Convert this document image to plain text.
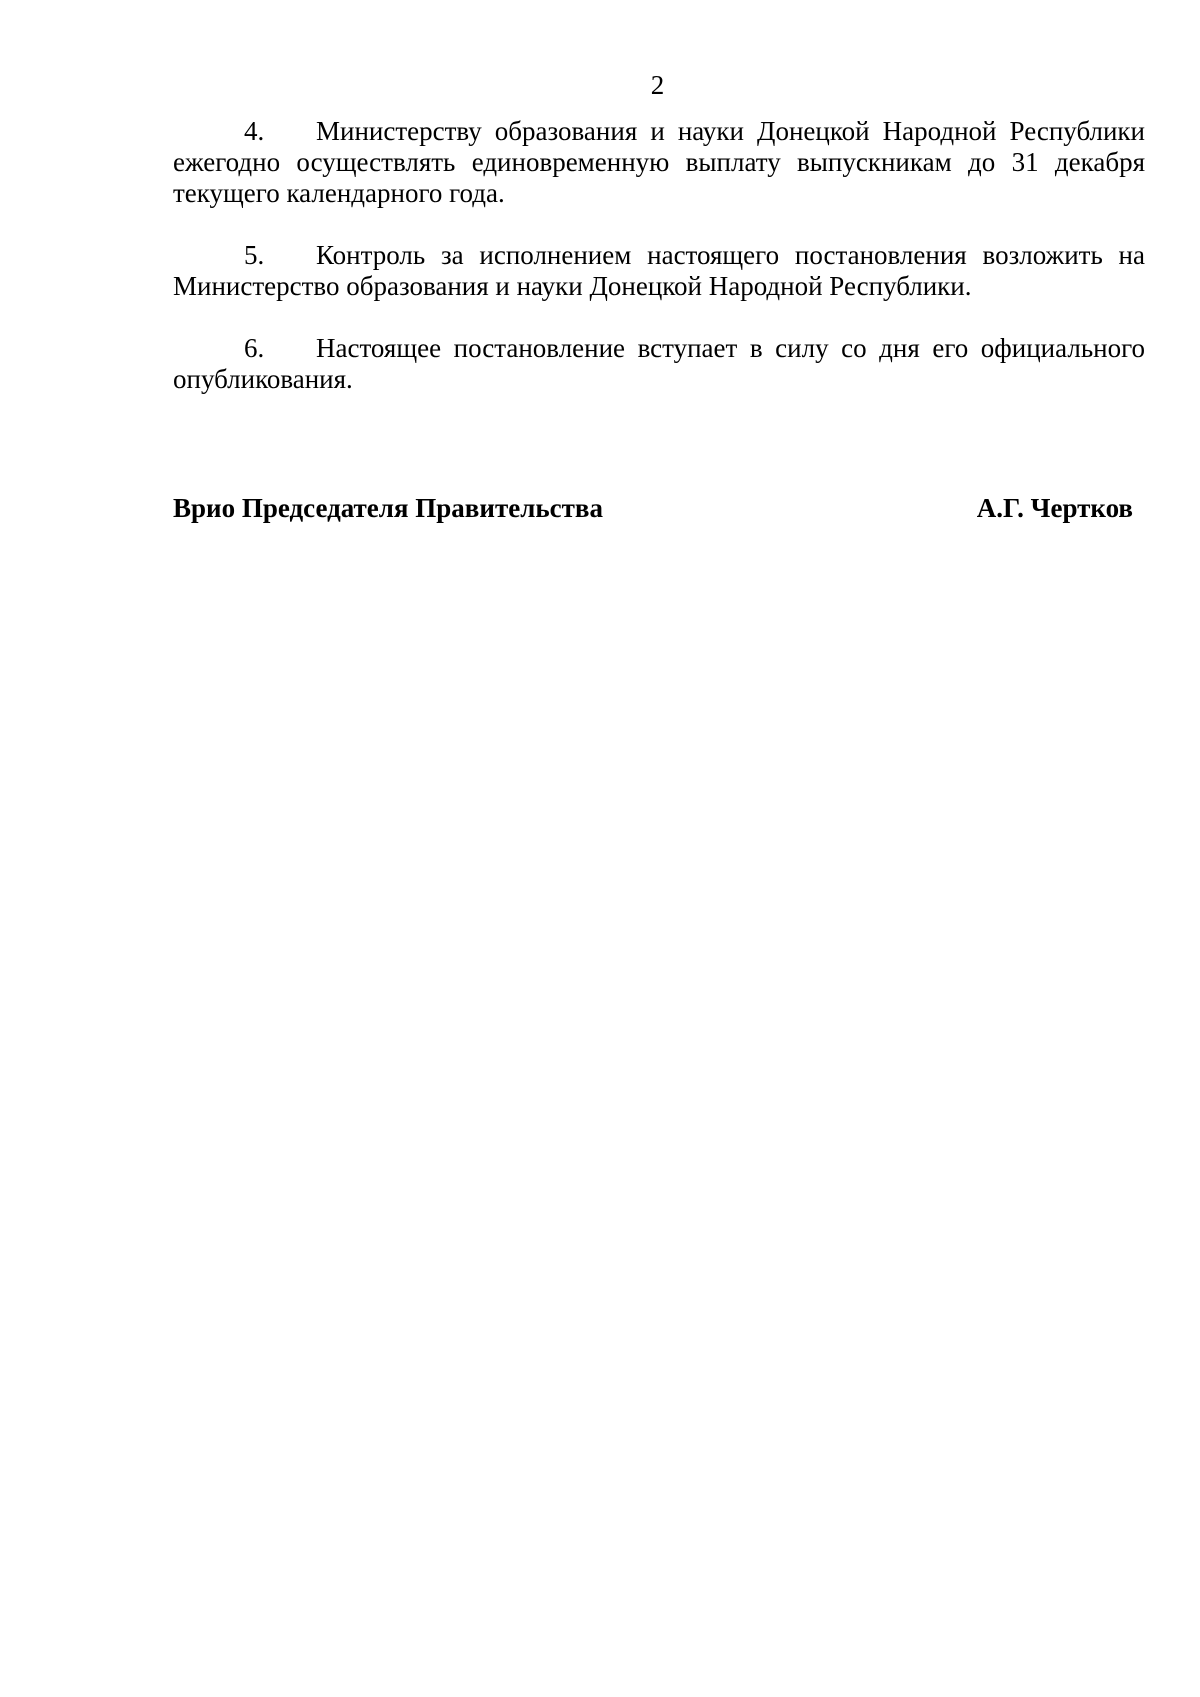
2

4. Министерству образования и науки Донецкой Народной Республики ежегодно осуществлять единовременную выплату выпускникам до 31 декабря текущего календарного года.

5. Контроль за исполнением настоящего постановления возложить на Министерство образования и науки Донецкой Народной Республики.

6. Настоящее постановление вступает в силу со дня его официального опубликования.

Врио Председателя Правительства	А.Г. Чертков
